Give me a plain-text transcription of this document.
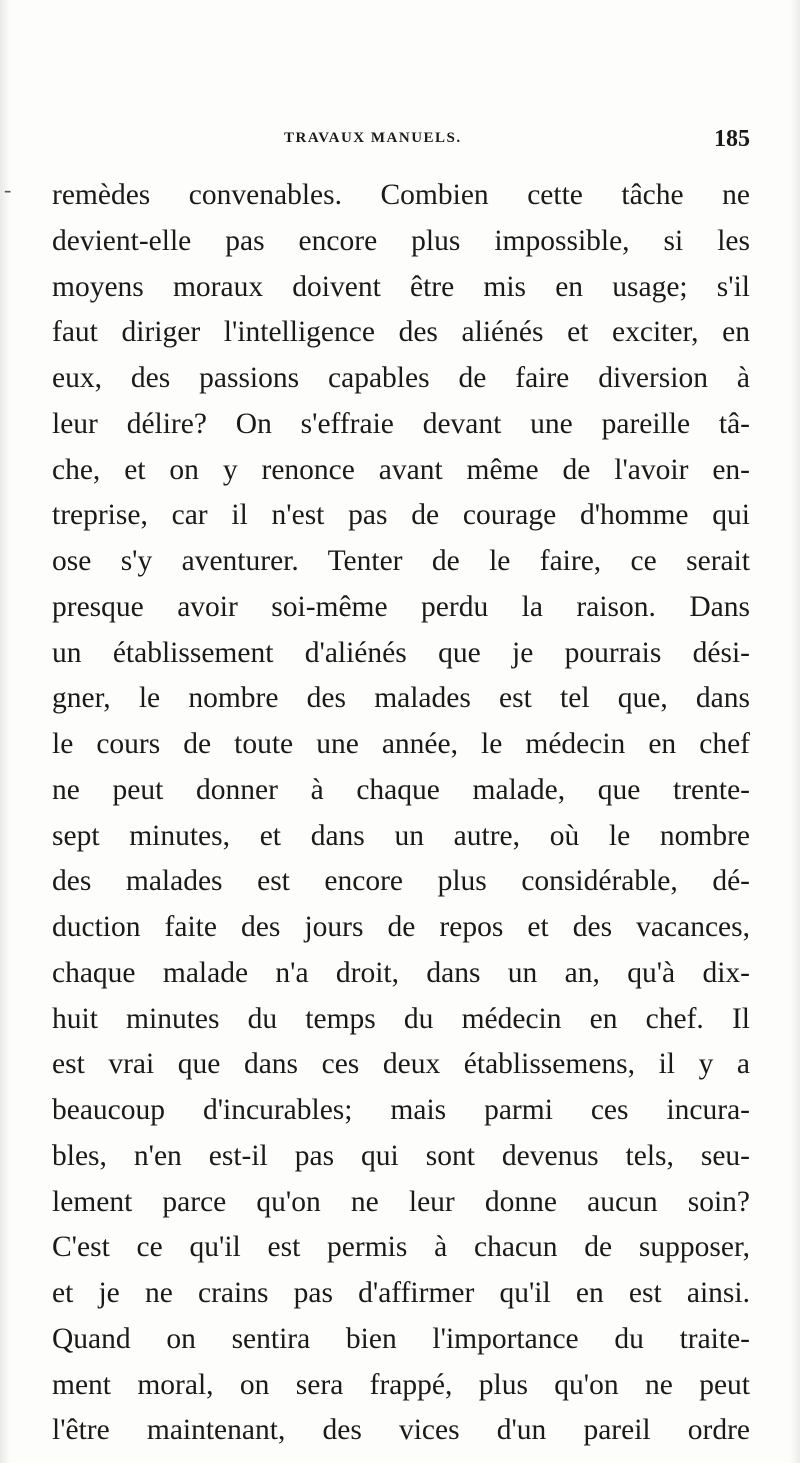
-
TRAVAUX MANUELS.	185
remèdes convenables. Combien cette tâche ne
devient-elle pas encore plus impossible, si les
moyens moraux doivent être mis en usage; s'il
faut diriger l'intelligence des aliénés et exciter, en
eux, des passions capables de faire diversion à
leur délire? On s'effraie devant une pareille tâ-
che, et on y renonce avant même de l'avoir en-
treprise, car il n'est pas de courage d'homme qui
ose s'y aventurer. Tenter de le faire, ce serait
presque avoir soi-même perdu la raison. Dans
un établissement d'aliénés que je pourrais dési-
gner, le nombre des malades est tel que, dans
le cours de toute une année, le médecin en chef
ne peut donner à chaque malade, que trente-
sept minutes, et dans un autre, où le nombre
des malades est encore plus considérable, dé-
duction faite des jours de repos et des vacances,
chaque malade n'a droit, dans un an, qu'à dix-
huit minutes du temps du médecin en chef. Il
est vrai que dans ces deux établissemens, il y a
beaucoup d'incurables; mais parmi ces incura-
bles, n'en est-il pas qui sont devenus tels, seu-
lement parce qu'on ne leur donne aucun soin?
C'est ce qu'il est permis à chacun de supposer,
et je ne crains pas d'affirmer qu'il en est ainsi.
Quand on sentira bien l'importance du traite-
ment moral, on sera frappé, plus qu'on ne peut
l'être maintenant, des vices d'un pareil ordre
